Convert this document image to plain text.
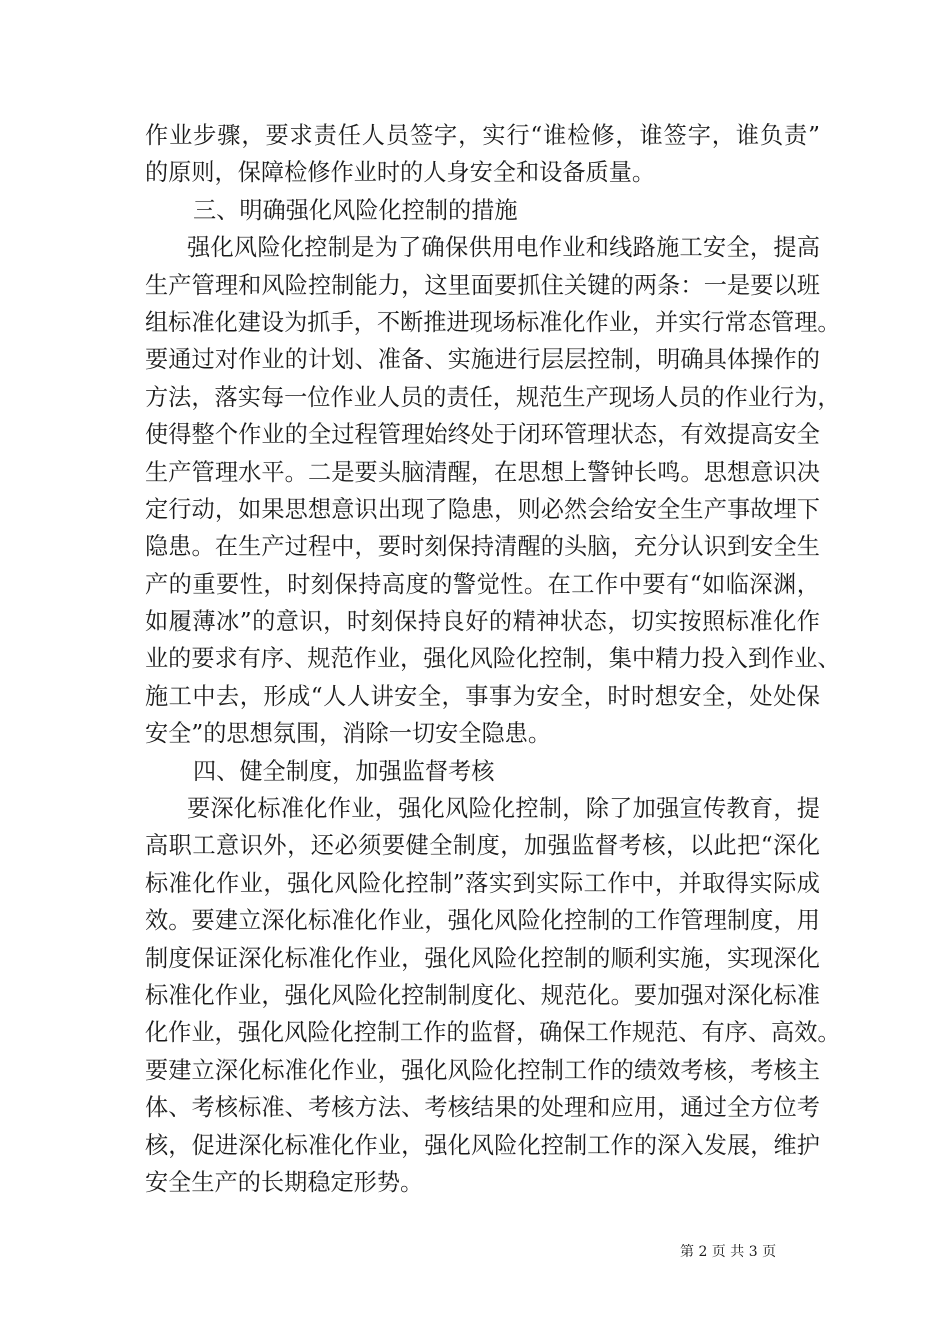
作业步骤，要求责任人员签字，实行“谁检修，谁签字，谁负责”
的原则，保障检修作业时的人身安全和设备质量。
三、明确强化风险化控制的措施
强化风险化控制是为了确保供用电作业和线路施工安全，提高
生产管理和风险控制能力，这里面要抓住关键的两条：一是要以班
组标准化建设为抓手，不断推进现场标准化作业，并实行常态管理。
要通过对作业的计划、准备、实施进行层层控制，明确具体操作的
方法，落实每一位作业人员的责任，规范生产现场人员的作业行为，
使得整个作业的全过程管理始终处于闭环管理状态，有效提高安全
生产管理水平。二是要头脑清醒，在思想上警钟长鸣。思想意识决
定行动，如果思想意识出现了隐患，则必然会给安全生产事故埋下
隐患。在生产过程中，要时刻保持清醒的头脑，充分认识到安全生
产的重要性，时刻保持高度的警觉性。在工作中要有“如临深渊，
如履薄冰”的意识，时刻保持良好的精神状态，切实按照标准化作
业的要求有序、规范作业，强化风险化控制，集中精力投入到作业、
施工中去，形成“人人讲安全，事事为安全，时时想安全，处处保
安全”的思想氛围，消除一切安全隐患。
四、健全制度，加强监督考核
要深化标准化作业，强化风险化控制，除了加强宣传教育，提
高职工意识外，还必须要健全制度，加强监督考核，以此把“深化
标准化作业，强化风险化控制”落实到实际工作中，并取得实际成
效。要建立深化标准化作业，强化风险化控制的工作管理制度，用
制度保证深化标准化作业，强化风险化控制的顺利实施，实现深化
标准化作业，强化风险化控制制度化、规范化。要加强对深化标准
化作业，强化风险化控制工作的监督，确保工作规范、有序、高效。
要建立深化标准化作业，强化风险化控制工作的绩效考核，考核主
体、考核标准、考核方法、考核结果的处理和应用，通过全方位考
核，促进深化标准化作业，强化风险化控制工作的深入发展，维护
安全生产的长期稳定形势。
第 2 页 共 3 页
